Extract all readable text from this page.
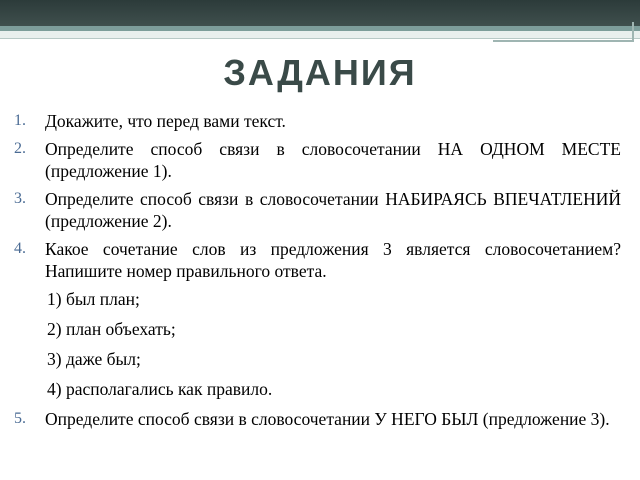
ЗАДАНИЯ
1. Докажите, что перед вами текст.
2. Определите способ связи в словосочетании НА ОДНОМ МЕСТЕ (предложение 1).
3. Определите способ связи в словосочетании НАБИРАЯСЬ ВПЕЧАТЛЕНИЙ (предложение 2).
4. Какое сочетание слов из предложения 3 является словосочетанием? Напишите номер правильного ответа.
1) был план;
2) план объехать;
3) даже был;
4) располагались как правило.
5. Определите способ связи в словосочетании У НЕГО БЫЛ (предложение 3).
